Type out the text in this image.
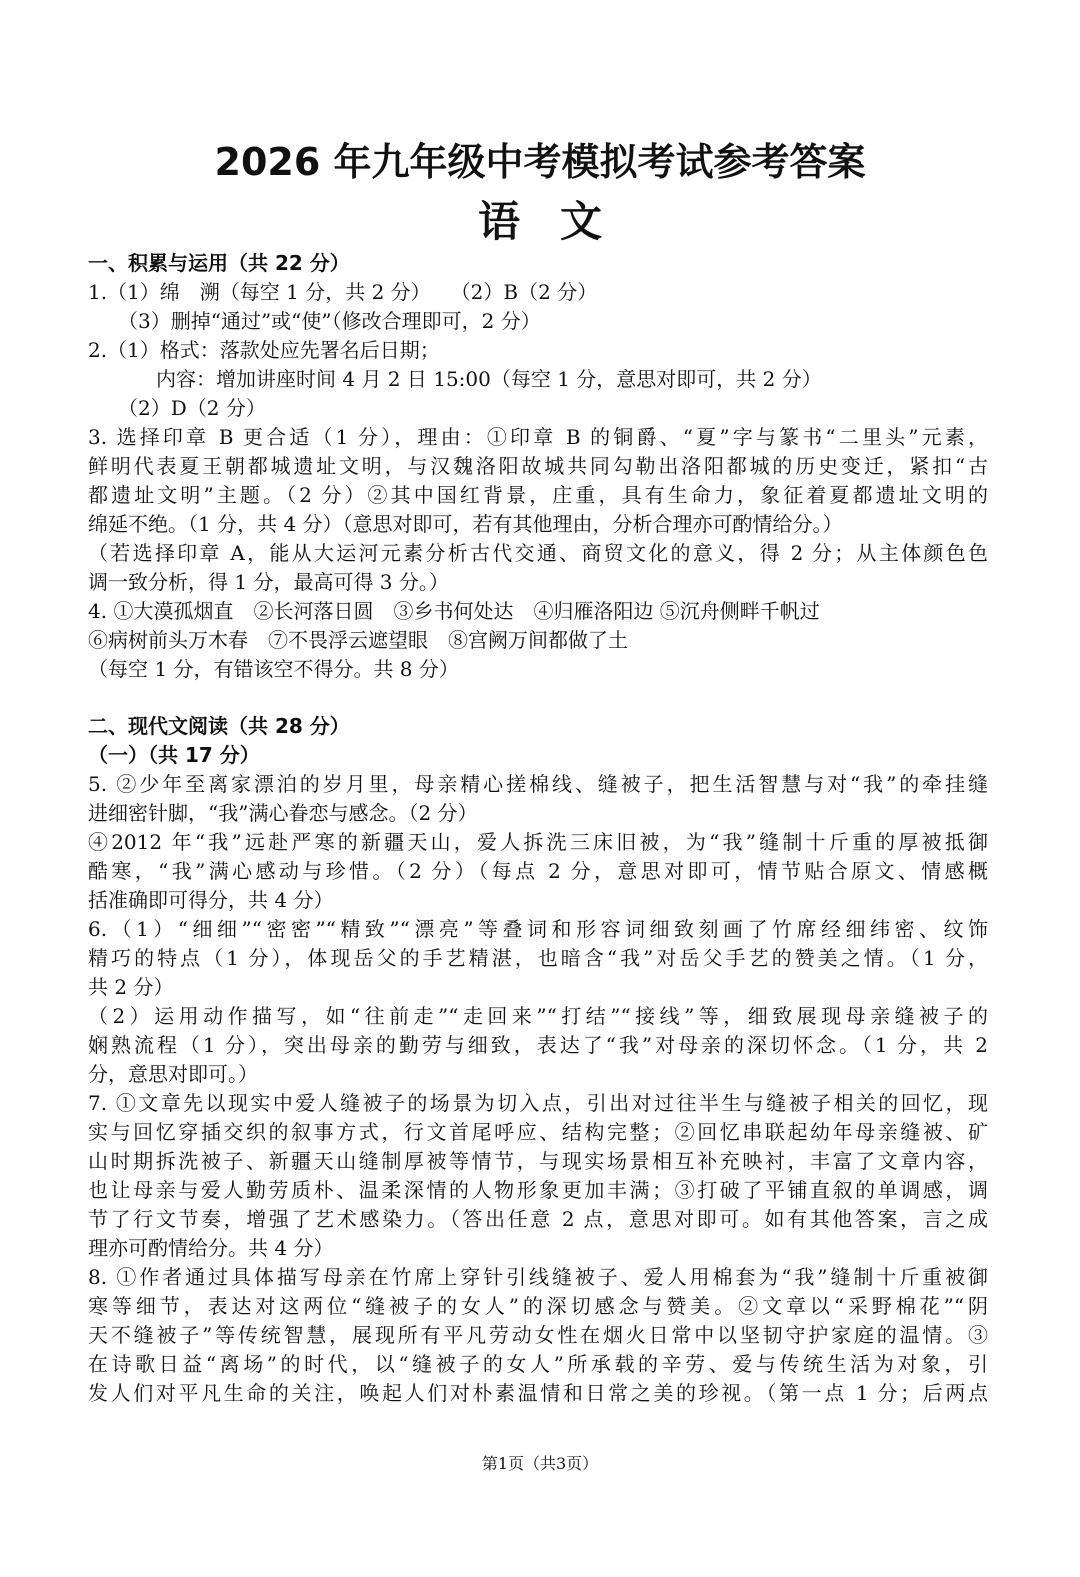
2026 年九年级中考模拟考试参考答案
语文
一、积累与运用（共 22 分）
1.（1）绵　溯（每空 1 分，共 2 分）　　（2）B（2 分）
（3）删掉“通过”或“使”（修改合理即可，2 分）
2.（1）格式：落款处应先署名后日期；
内容：增加讲座时间 4 月 2 日 15:00（每空 1 分，意思对即可，共 2 分）
（2）D（2 分）
3. 选择印章 B 更合适（1 分），理由：①印章 B 的铜爵、“夏”字与篆书“二里头”元素，
鲜明代表夏王朝都城遗址文明，与汉魏洛阳故城共同勾勒出洛阳都城的历史变迁，紧扣“古
都遗址文明”主题。（2 分）②其中国红背景，庄重，具有生命力，象征着夏都遗址文明的
绵延不绝。（1 分，共 4 分）（意思对即可，若有其他理由，分析合理亦可酌情给分。）
（若选择印章 A，能从大运河元素分析古代交通、商贸文化的意义，得 2 分；从主体颜色色
调一致分析，得 1 分，最高可得 3 分。）
4. ①大漠孤烟直　②长河落日圆　③乡书何处达　④归雁洛阳边 ⑤沉舟侧畔千帆过
⑥病树前头万木春　⑦不畏浮云遮望眼　⑧宫阙万间都做了土
（每空 1 分，有错该空不得分。共 8 分）
二、现代文阅读（共 28 分）
（一）（共 17 分）
5. ②少年至离家漂泊的岁月里，母亲精心搓棉线、缝被子，把生活智慧与对“我”的牵挂缝
进细密针脚，“我”满心眷恋与感念。（2 分）
④2012 年“我”远赴严寒的新疆天山，爱人拆洗三床旧被，为“我”缝制十斤重的厚被抵御
酷寒，“我”满心感动与珍惜。（2 分）（每点 2 分，意思对即可，情节贴合原文、情感概
括准确即可得分，共 4 分）
6.（1）“细细”“密密”“精致”“漂亮”等叠词和形容词细致刻画了竹席经细纬密、纹饰
精巧的特点（1 分），体现岳父的手艺精湛，也暗含“我”对岳父手艺的赞美之情。（1 分，
共 2 分）
（2）运用动作描写，如“往前走”“走回来”“打结”“接线”等，细致展现母亲缝被子的
娴熟流程（1 分），突出母亲的勤劳与细致，表达了“我”对母亲的深切怀念。（1 分，共 2
分，意思对即可。）
7. ①文章先以现实中爱人缝被子的场景为切入点，引出对过往半生与缝被子相关的回忆，现
实与回忆穿插交织的叙事方式，行文首尾呼应、结构完整；②回忆串联起幼年母亲缝被、矿
山时期拆洗被子、新疆天山缝制厚被等情节，与现实场景相互补充映衬，丰富了文章内容，
也让母亲与爱人勤劳质朴、温柔深情的人物形象更加丰满；③打破了平铺直叙的单调感，调
节了行文节奏，增强了艺术感染力。（答出任意 2 点，意思对即可。如有其他答案，言之成
理亦可酌情给分。共 4 分）
8. ①作者通过具体描写母亲在竹席上穿针引线缝被子、爱人用棉套为“我”缝制十斤重被御
寒等细节，表达对这两位“缝被子的女人”的深切感念与赞美。②文章以“采野棉花”“阴
天不缝被子”等传统智慧，展现所有平凡劳动女性在烟火日常中以坚韧守护家庭的温情。③
在诗歌日益“离场”的时代，以“缝被子的女人”所承载的辛劳、爱与传统生活为对象，引
发人们对平凡生命的关注，唤起人们对朴素温情和日常之美的珍视。（第一点 1 分；后两点
第1页（共3页）
